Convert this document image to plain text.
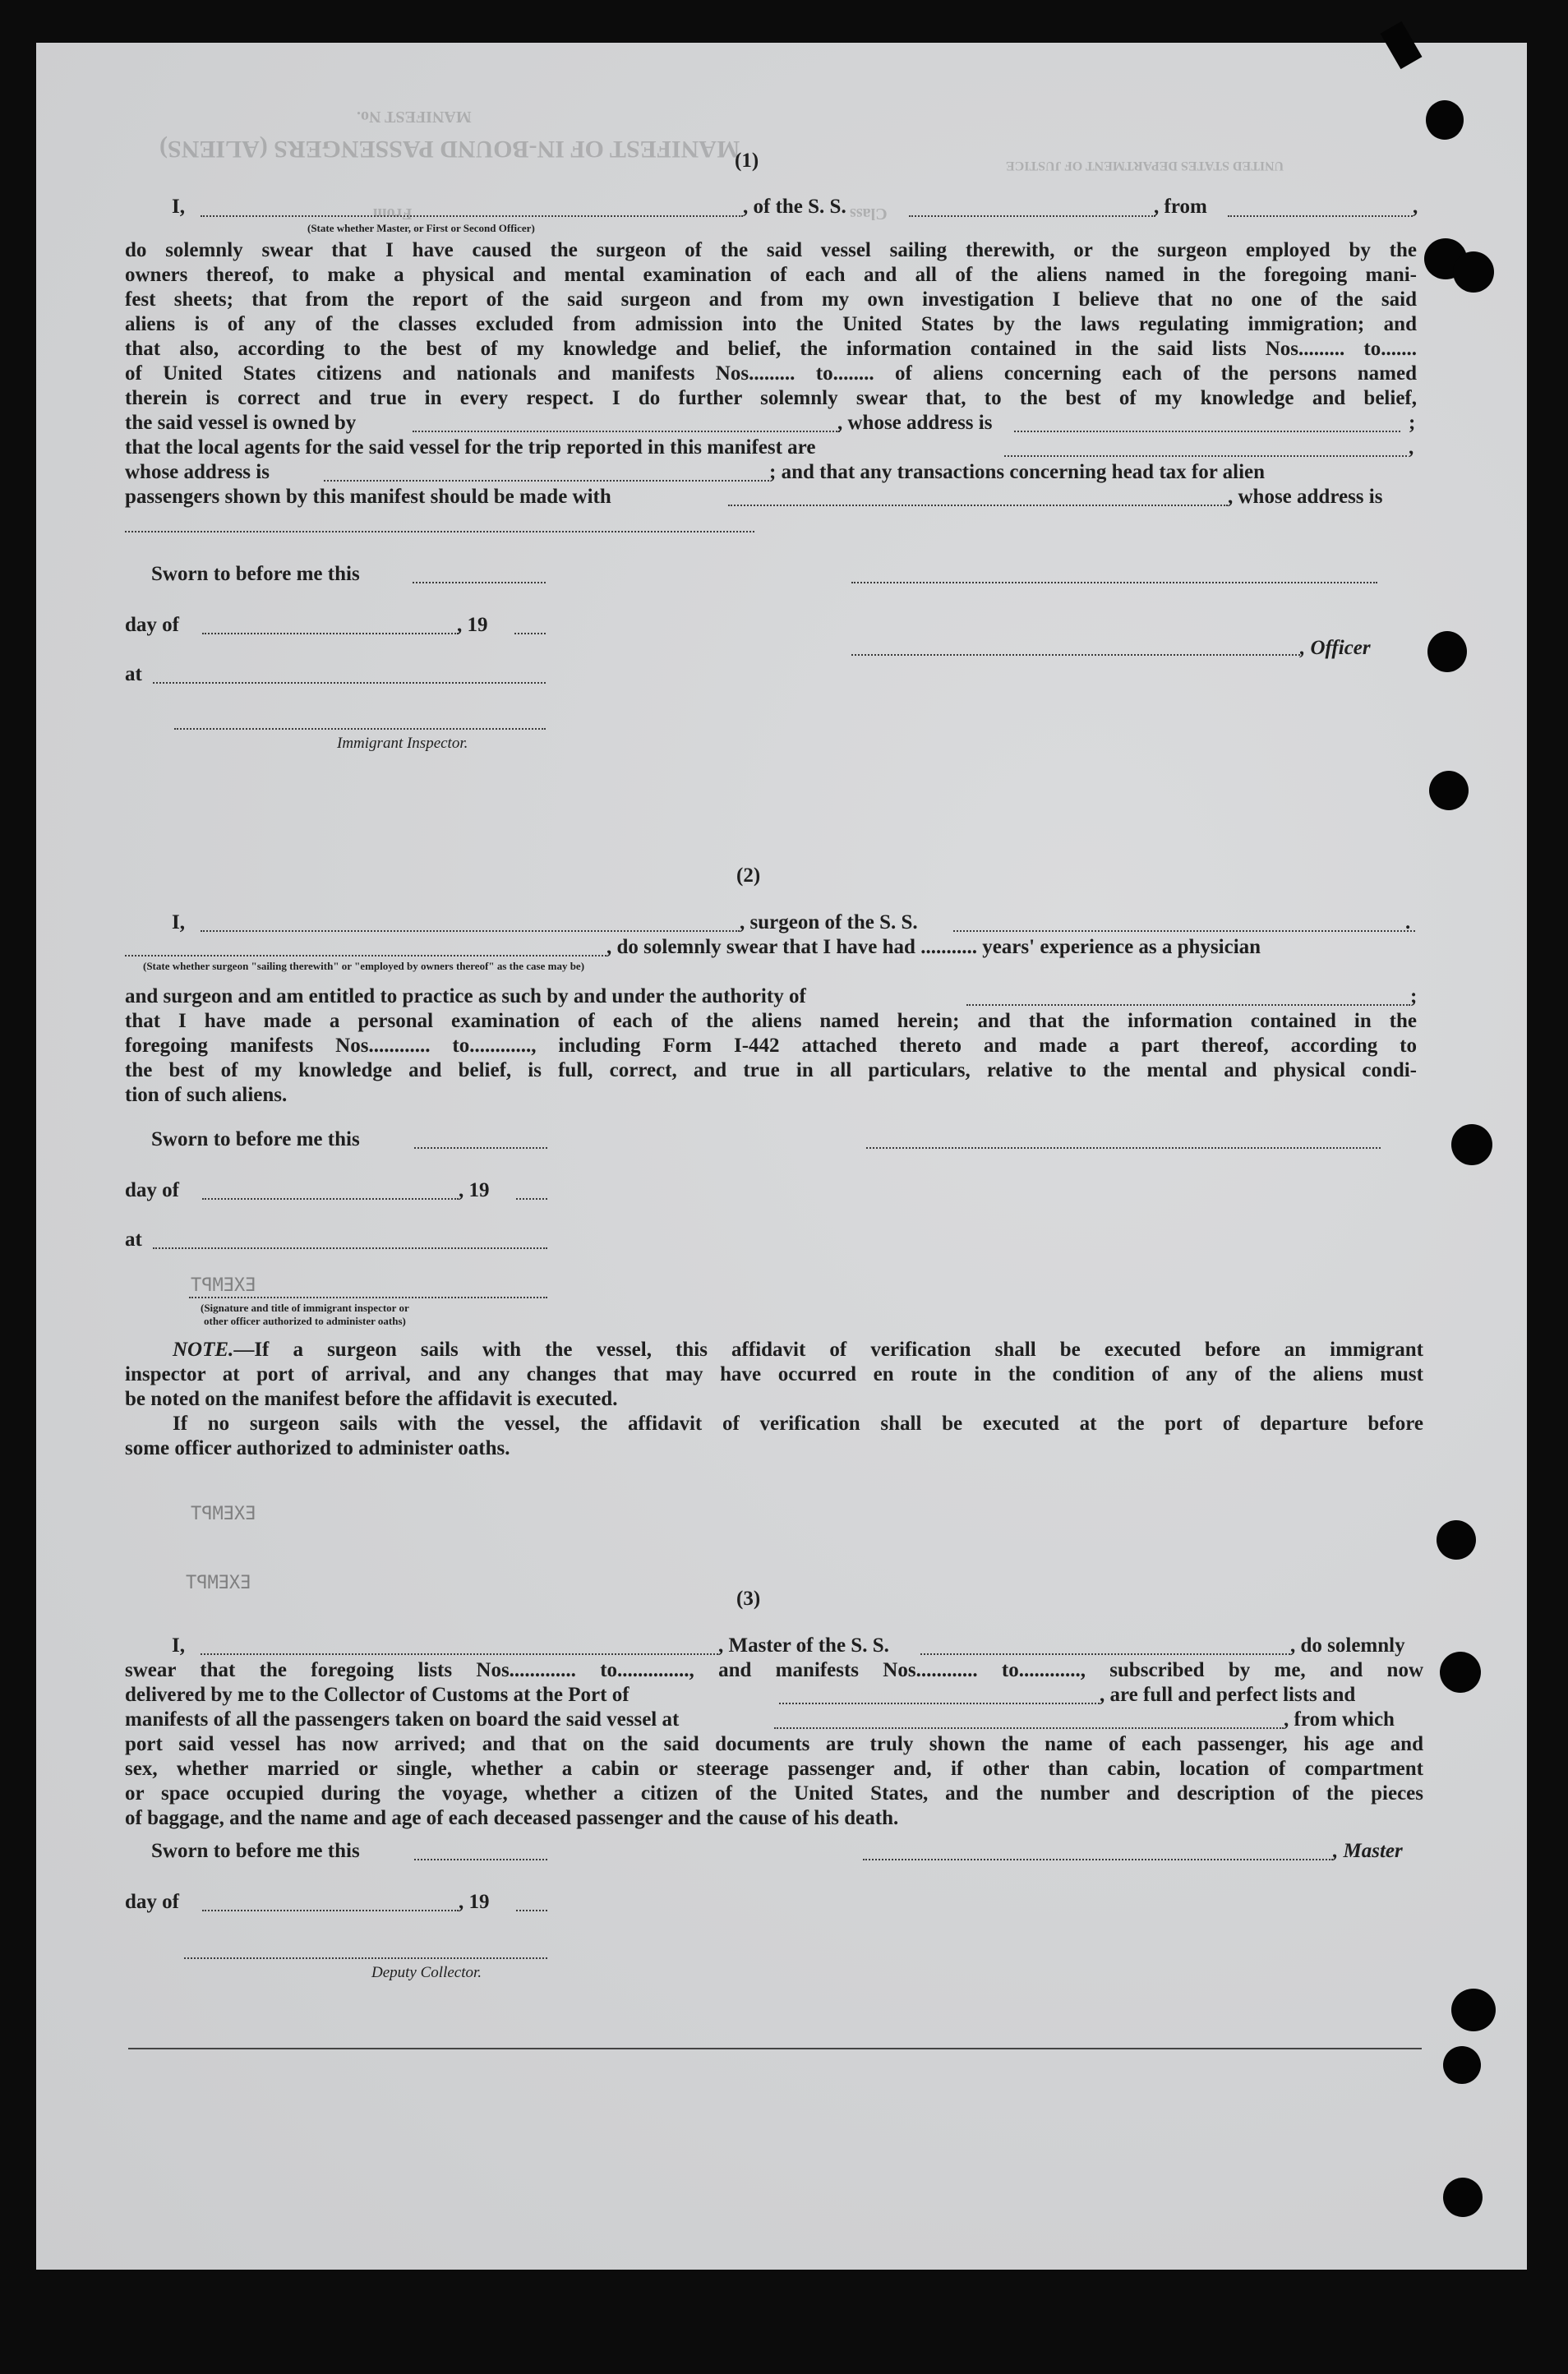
MANIFEST OF IN-BOUND PASSENGERS (ALIENS)
MANIFEST No.
Class
From
UNITED STATES DEPARTMENT OF JUSTICE
(1)
I,	, of the S. S.	, from	,
(State whether Master, or First or Second Officer)
do solemnly swear that I have caused the surgeon of the said vessel sailing therewith, or the surgeon employed by the
owners thereof, to make a physical and mental examination of each and all of the aliens named in the foregoing mani-
fest sheets; that from the report of the said surgeon and from my own investigation I believe that no one of the said
aliens is of any of the classes excluded from admission into the United States by the laws regulating immigration; and
that also, according to the best of my knowledge and belief, the information contained in the said lists Nos......... to.......
of United States citizens and nationals and manifests Nos......... to........ of aliens concerning each of the persons named
therein is correct and true in every respect. I do further solemnly swear that, to the best of my knowledge and belief,
the said vessel is owned by	, whose address is	;
that the local agents for the said vessel for the trip reported in this manifest are	,
whose address is	; and that any transactions concerning head tax for alien
passengers shown by this manifest should be made with	, whose address is
Sworn to before me this
day of	, 19
, Officer
at
Immigrant Inspector.
(2)
I,	, surgeon of the S. S.	.
, do solemnly swear that I have had ........... years' experience as a physician
(State whether surgeon "sailing therewith" or "employed by owners thereof" as the case may be)
and surgeon and am entitled to practice as such by and under the authority of	;
that I have made a personal examination of each of the aliens named herein; and that the information contained in the
foregoing manifests Nos............ to............, including Form I-442 attached thereto and made a part thereof, according to
the best of my knowledge and belief, is full, correct, and true in all particulars, relative to the mental and physical condi-
tion of such aliens.
Sworn to before me this
day of	, 19
at
EXEMPT
(Signature and title of immigrant inspector or
other officer authorized to administer oaths)
NOTE.—If a surgeon sails with the vessel, this affidavit of verification shall be executed before an immigrant
inspector at port of arrival, and any changes that may have occurred en route in the condition of any of the aliens must
be noted on the manifest before the affidavit is executed.
If no surgeon sails with the vessel, the affidavit of verification shall be executed at the port of departure before
some officer authorized to administer oaths.
EXEMPT
EXEMPT
(3)
I,	, Master of the S. S.	, do solemnly
swear that the foregoing lists Nos............. to.............., and manifests Nos............ to............, subscribed by me, and now
delivered by me to the Collector of Customs at the Port of	, are full and perfect lists and
manifests of all the passengers taken on board the said vessel at	, from which
port said vessel has now arrived; and that on the said documents are truly shown the name of each passenger, his age and
sex, whether married or single, whether a cabin or steerage passenger and, if other than cabin, location of compartment
or space occupied during the voyage, whether a citizen of the United States, and the number and description of the pieces
of baggage, and the name and age of each deceased passenger and the cause of his death.
Sworn to before me this	, Master
day of	, 19
Deputy Collector.
